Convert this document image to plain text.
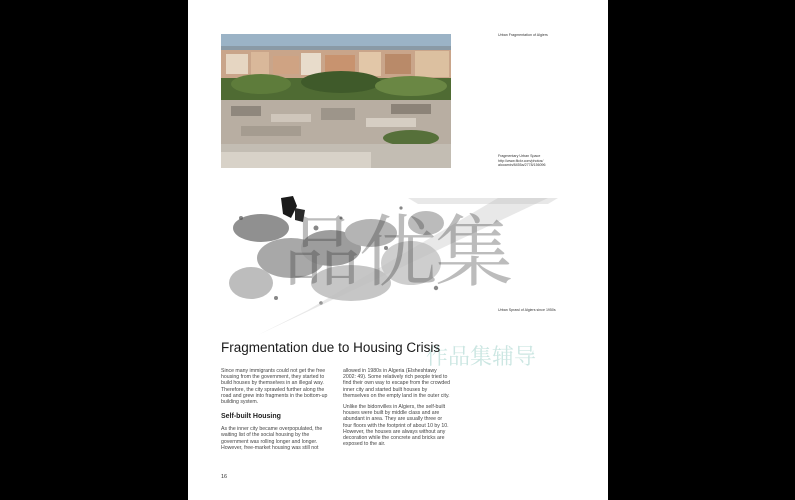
Urban Fragmentation of Algiers
Fragmentary Urban Space
http://www.flickr.com/photos/
alooamin/8455a/2778/156096
Urban Sprawl of Algiers since 1950s
品优集
作品集辅导
Fragmentation due to Housing Crisis

Since many immigrants could not get the free housing from the government, they started to build houses by themselves in an illegal way. Therefore, the city sprawled further along the road and grew into fragments in the bottom-up building system.

Self-built Housing

As the inner city became overpopulated, the waiting list of the social housing by the government was rolling longer and longer. However, free-market housing was still not

allowed in 1980s in Algeria (Elsheshtawy 2002: 49). Some relatively rich people tried to find their own way to escape from the crowded inner city and started built houses by themselves on the empty land in the outer city.

Unlike the bidonvilles in Algiers, the self-built houses were built by middle class and are abundant in area. They are usually three or four floors with the footprint of about 10 by 10. However, the houses are always without any decoration while the concrete and bricks are exposed to the air.

16
